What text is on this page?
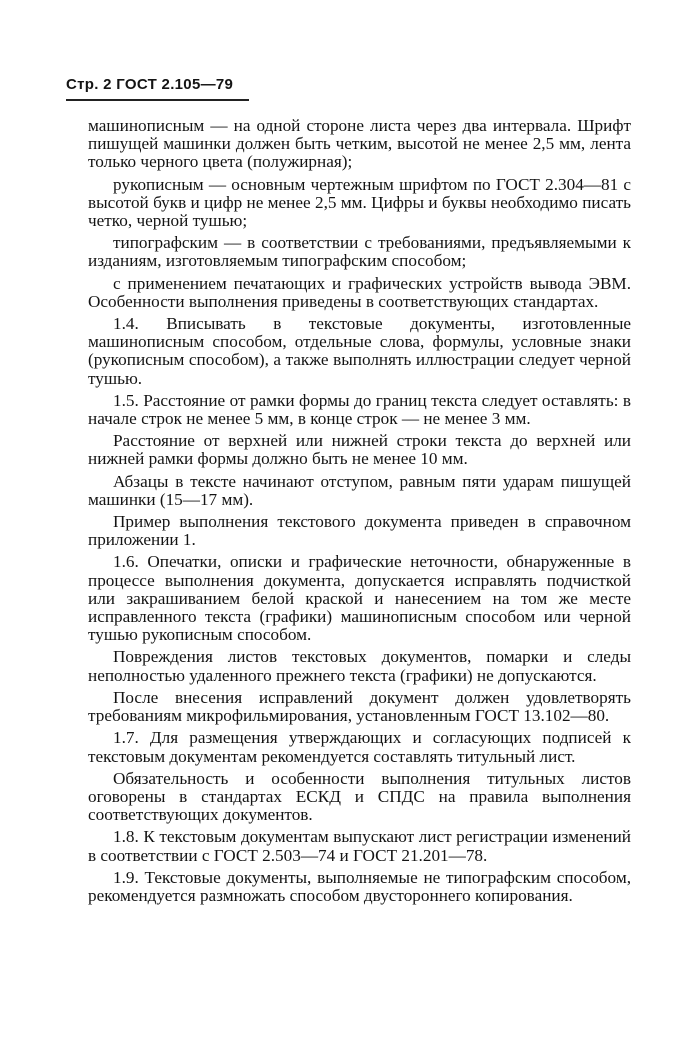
Стр. 2 ГОСТ 2.105—79

машинописным — на одной стороне листа через два интервала. Шрифт пишущей машинки должен быть четким, высотой не менее 2,5 мм, лента только черного цвета (полужирная);

рукописным — основным чертежным шрифтом по ГОСТ 2.304—81 с высотой букв и цифр не менее 2,5 мм. Цифры и буквы необходимо писать четко, черной тушью;

типографским — в соответствии с требованиями, предъявляемыми к изданиям, изготовляемым типографским способом;

с применением печатающих и графических устройств вывода ЭВМ. Особенности выполнения приведены в соответствующих стандартах.

1.4. Вписывать в текстовые документы, изготовленные машинописным способом, отдельные слова, формулы, условные знаки (рукописным способом), а также выполнять иллюстрации следует черной тушью.

1.5. Расстояние от рамки формы до границ текста следует оставлять: в начале строк не менее 5 мм, в конце строк — не менее 3 мм.

Расстояние от верхней или нижней строки текста до верхней или нижней рамки формы должно быть не менее 10 мм.

Абзацы в тексте начинают отступом, равным пяти ударам пишущей машинки (15—17 мм).

Пример выполнения текстового документа приведен в справочном приложении 1.

1.6. Опечатки, описки и графические неточности, обнаруженные в процессе выполнения документа, допускается исправлять подчисткой или закрашиванием белой краской и нанесением на том же месте исправленного текста (графики) машинописным способом или черной тушью рукописным способом.

Повреждения листов текстовых документов, помарки и следы неполностью удаленного прежнего текста (графики) не допускаются.

После внесения исправлений документ должен удовлетворять требованиям микрофильмирования, установленным ГОСТ 13.102—80.

1.7. Для размещения утверждающих и согласующих подписей к текстовым документам рекомендуется составлять титульный лист.

Обязательность и особенности выполнения титульных листов оговорены в стандартах ЕСКД и СПДС на правила выполнения соответствующих документов.

1.8. К текстовым документам выпускают лист регистрации изменений в соответствии с ГОСТ 2.503—74 и ГОСТ 21.201—78.

1.9. Текстовые документы, выполняемые не типографским способом, рекомендуется размножать способом двустороннего копирования.
